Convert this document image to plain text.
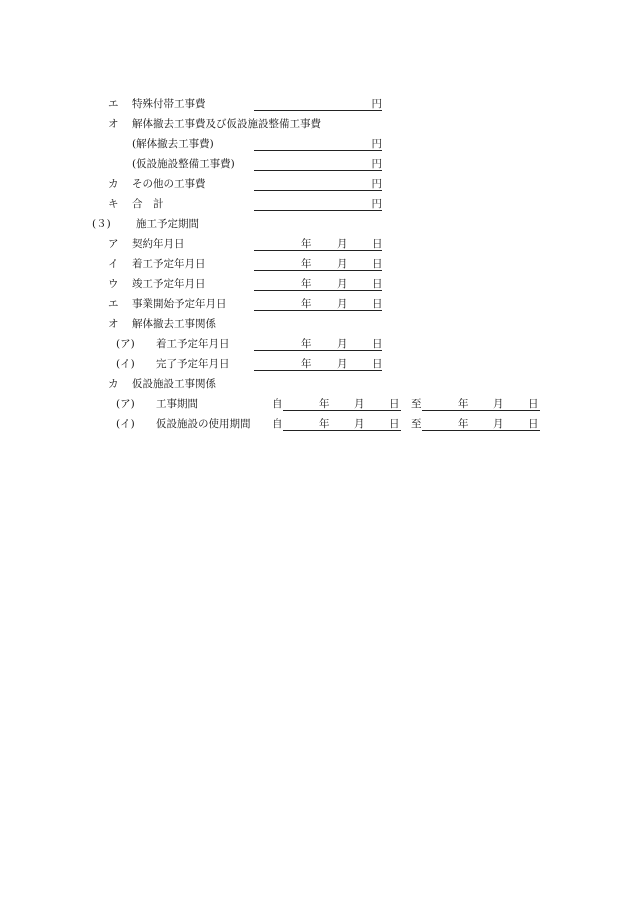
エ 特殊付帯工事費	円
オ 解体撤去工事費及び仮設施設整備工事費
(解体撤去工事費)	円
(仮設施設整備工事費)	円
カ その他の工事費	円
キ 合　計	円
(３) 施工予定期間
ア 契約年月日	年 月 日
イ 着工予定年月日	年 月 日
ウ 竣工予定年月日	年 月 日
エ 事業開始予定年月日	年 月 日
オ 解体撤去工事関係
(ア) 着工予定年月日	年 月 日
(イ) 完了予定年月日	年 月 日
カ 仮設施設工事関係
(ア) 工事期間	自	年 月 日 至	年 月 日
(イ) 仮設施設の使用期間 自	年 月 日 至	年 月 日
